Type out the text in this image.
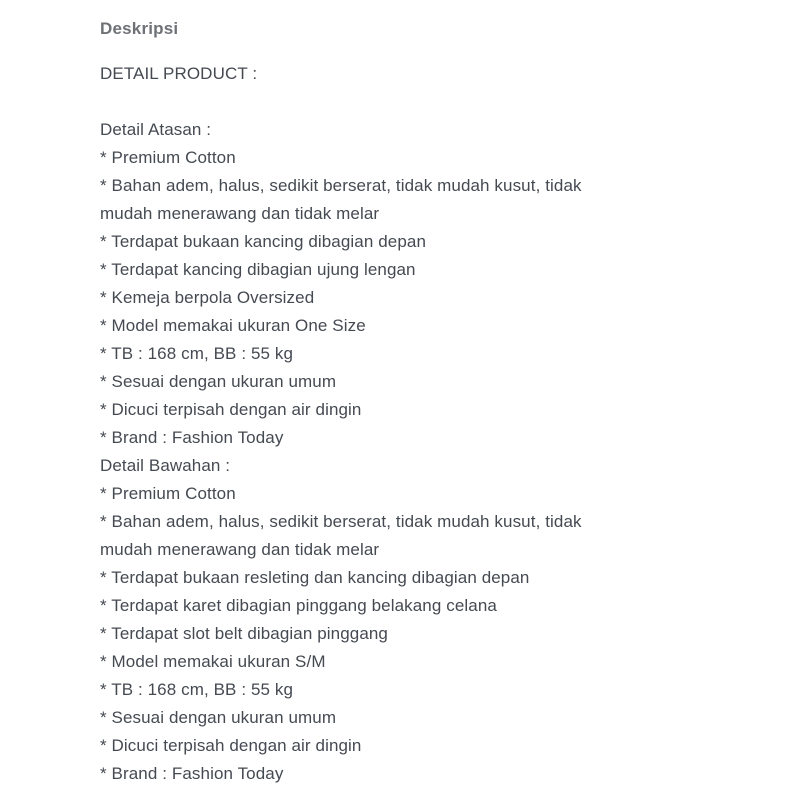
Deskripsi
DETAIL PRODUCT :

Detail Atasan :
* Premium Cotton
* Bahan adem, halus, sedikit berserat, tidak mudah kusut, tidak
mudah menerawang dan tidak melar
* Terdapat bukaan kancing dibagian depan
* Terdapat kancing dibagian ujung lengan
* Kemeja berpola Oversized
* Model memakai ukuran One Size
* TB : 168 cm, BB : 55 kg
* Sesuai dengan ukuran umum
* Dicuci terpisah dengan air dingin
* Brand : Fashion Today
Detail Bawahan :
* Premium Cotton
* Bahan adem, halus, sedikit berserat, tidak mudah kusut, tidak
mudah menerawang dan tidak melar
* Terdapat bukaan resleting dan kancing dibagian depan
* Terdapat karet dibagian pinggang belakang celana
* Terdapat slot belt dibagian pinggang
* Model memakai ukuran S/M
* TB : 168 cm, BB : 55 kg
* Sesuai dengan ukuran umum
* Dicuci terpisah dengan air dingin
* Brand : Fashion Today
